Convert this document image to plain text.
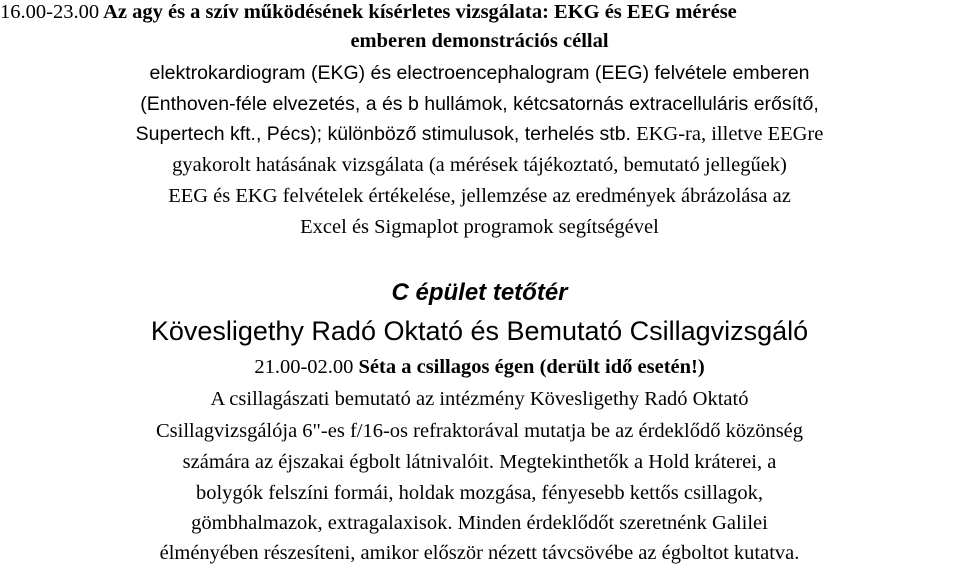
16.00-23.00 Az agy és a szív működésének kísérletes vizsgálata: EKG és EEG mérése
emberen demonstrációs céllal
elektrokardiogram (EKG) és electroencephalogram (EEG) felvétele emberen
(Enthoven-féle elvezetés, a és b hullámok, kétcsatornás extracelluláris erősítő,
Supertech kft., Pécs); különböző stimulusok, terhelés stb. EKG-ra, illetve EEGre
gyakorolt hatásának vizsgálata (a mérések tájékoztató, bemutató jellegűek)
EEG és EKG felvételek értékelése, jellemzése az eredmények ábrázolása az
Excel és Sigmaplot programok segítségével
C épület tetőtér
Kövesligethy Radó Oktató és Bemutató Csillagvizsgáló
21.00-02.00 Séta a csillagos égen (derült idő esetén!)
A csillagászati bemutató az intézmény Kövesligethy Radó Oktató
Csillagvizsgálója 6"-es f/16-os refraktorával mutatja be az érdeklődő közönség
számára az éjszakai égbolt látnivalóit. Megtekinthetők a Hold kráterei, a
bolygók felszíni formái, holdak mozgása, fényesebb kettős csillagok,
gömbhalmazok, extragalaxisok. Minden érdeklődőt szeretnénk Galilei
élményében részesíteni, amikor először nézett távcsövébe az égboltot kutatva.
